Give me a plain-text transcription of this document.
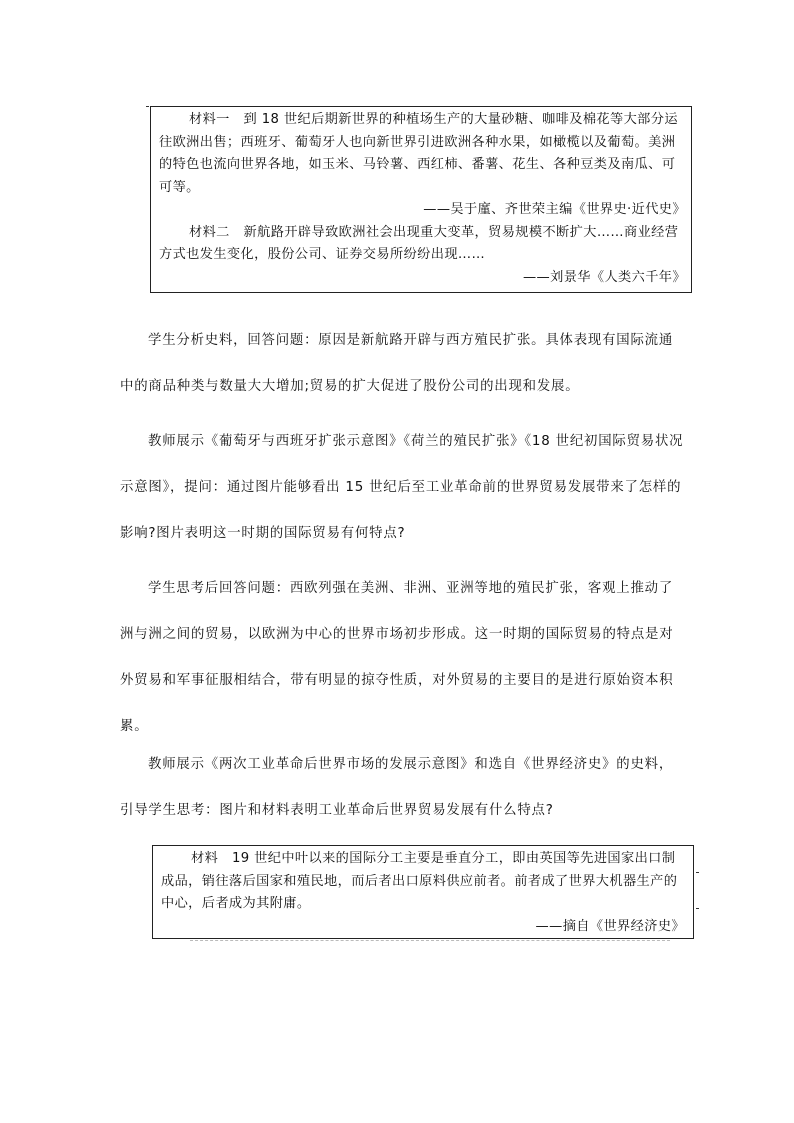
材料一 到 18 世纪后期新世界的种植场生产的大量砂糖、咖啡及棉花等大部分运往欧洲出售；西班牙、葡萄牙人也向新世界引进欧洲各种水果，如橄榄以及葡萄。美洲的特色也流向世界各地，如玉米、马铃薯、西红柿、番薯、花生、各种豆类及南瓜、可可等。

——吴于廑、齐世荣主编《世界史·近代史》

材料二 新航路开辟导致欧洲社会出现重大变革，贸易规模不断扩大……商业经营方式也发生变化，股份公司、证券交易所纷纷出现……

——刘景华《人类六千年》

学生分析史料，回答问题：原因是新航路开辟与西方殖民扩张。具体表现有国际流通中的商品种类与数量大大增加;贸易的扩大促进了股份公司的出现和发展。

教师展示《葡萄牙与西班牙扩张示意图》《荷兰的殖民扩张》《18 世纪初国际贸易状况示意图》，提问：通过图片能够看出 15 世纪后至工业革命前的世界贸易发展带来了怎样的影响?图片表明这一时期的国际贸易有何特点?

学生思考后回答问题：西欧列强在美洲、非洲、亚洲等地的殖民扩张，客观上推动了洲与洲之间的贸易，以欧洲为中心的世界市场初步形成。这一时期的国际贸易的特点是对外贸易和军事征服相结合，带有明显的掠夺性质，对外贸易的主要目的是进行原始资本积累。

教师展示《两次工业革命后世界市场的发展示意图》和选自《世界经济史》的史料，引导学生思考：图片和材料表明工业革命后世界贸易发展有什么特点?

材料 19 世纪中叶以来的国际分工主要是垂直分工，即由英国等先进国家出口制成品，销往落后国家和殖民地，而后者出口原料供应前者。前者成了世界大机器生产的中心，后者成为其附庸。

——摘自《世界经济史》
